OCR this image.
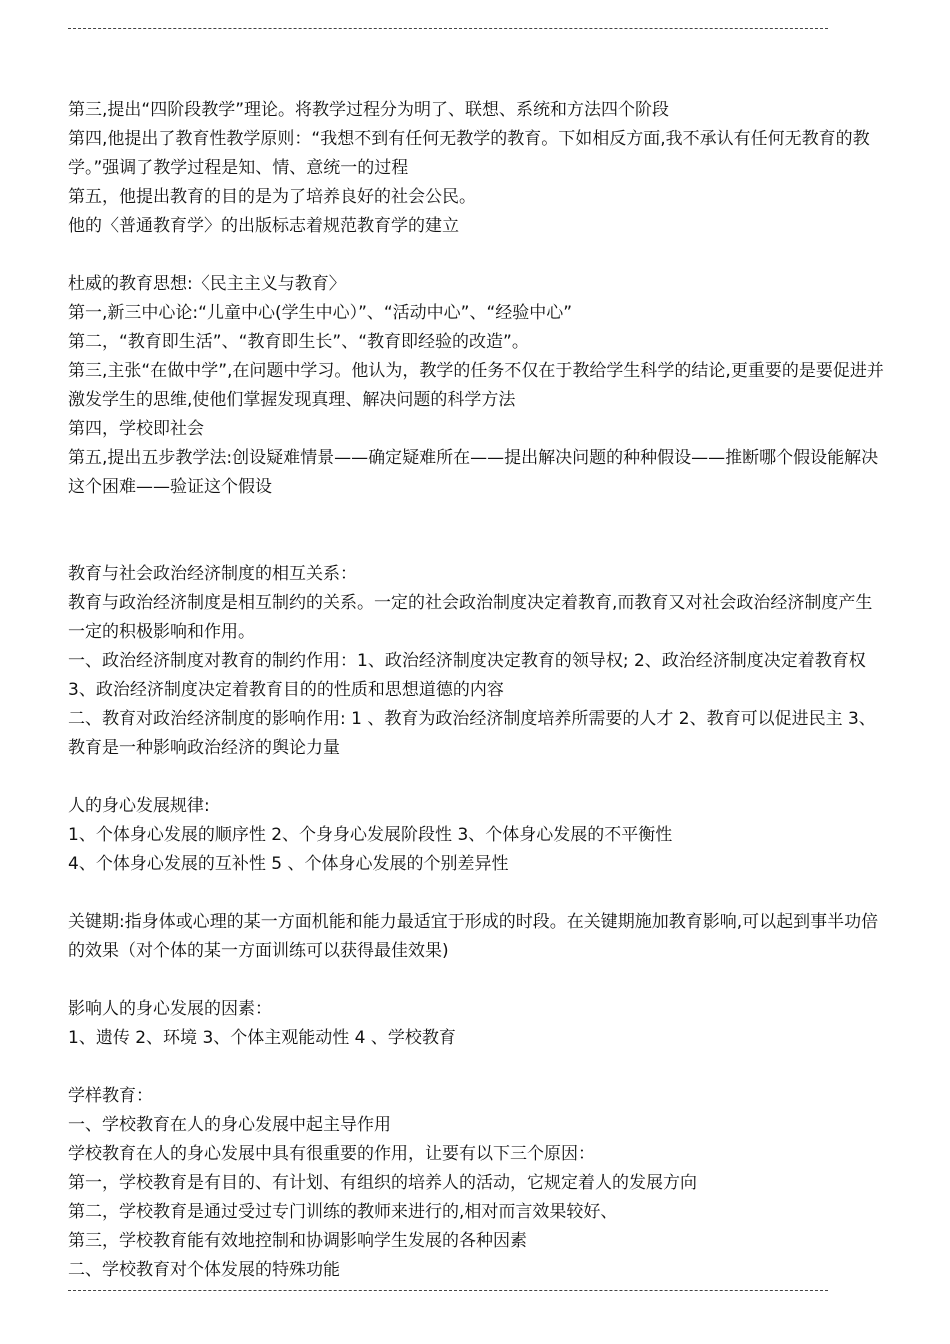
第三,提出“四阶段教学”理论。将教学过程分为明了、联想、系统和方法四个阶段

第四,他提出了教育性教学原则：“我想不到有任何无教学的教育。下如相反方面,我不承认有任何无教育的教学。”强调了教学过程是知、情、意统一的过程

第五，他提出教育的目的是为了培养良好的社会公民。

他的〈普通教育学〉的出版标志着规范教育学的建立

杜威的教育思想:〈民主主义与教育〉

第一,新三中心论:“儿童中心(学生中心）”、“活动中心”、“经验中心”

第二，“教育即生活”、“教育即生长”、“教育即经验的改造”。

第三,主张“在做中学”,在问题中学习。他认为，教学的任务不仅在于教给学生科学的结论,更重要的是要促进并激发学生的思维,使他们掌握发现真理、解决问题的科学方法

第四，学校即社会

第五,提出五步教学法:创设疑难情景——确定疑难所在——提出解决问题的种种假设——推断哪个假设能解决这个困难——验证这个假设

教育与社会政治经济制度的相互关系：

教育与政治经济制度是相互制约的关系。一定的社会政治制度决定着教育,而教育又对社会政治经济制度产生一定的积极影响和作用。

一、政治经济制度对教育的制约作用：1、政治经济制度决定教育的领导权; 2、政治经济制度决定着教育权 3、政治经济制度决定着教育目的的性质和思想道德的内容

二、教育对政治经济制度的影响作用: 1 、教育为政治经济制度培养所需要的人才 2、教育可以促进民主 3、教育是一种影响政治经济的舆论力量

人的身心发展规律:

1、个体身心发展的顺序性 2、个身身心发展阶段性 3、个体身心发展的不平衡性

4、个体身心发展的互补性 5 、个体身心发展的个别差异性

关键期:指身体或心理的某一方面机能和能力最适宜于形成的时段。在关键期施加教育影响,可以起到事半功倍的效果（对个体的某一方面训练可以获得最佳效果)

影响人的身心发展的因素：

1、遗传 2、环境 3、个体主观能动性 4 、学校教育

学样教育：

一、学校教育在人的身心发展中起主导作用

学校教育在人的身心发展中具有很重要的作用，让要有以下三个原因：

第一，学校教育是有目的、有计划、有组织的培养人的活动，它规定着人的发展方向

第二，学校教育是通过受过专门训练的教师来进行的,相对而言效果较好、

第三，学校教育能有效地控制和协调影响学生发展的各种因素

二、学校教育对个体发展的特殊功能
